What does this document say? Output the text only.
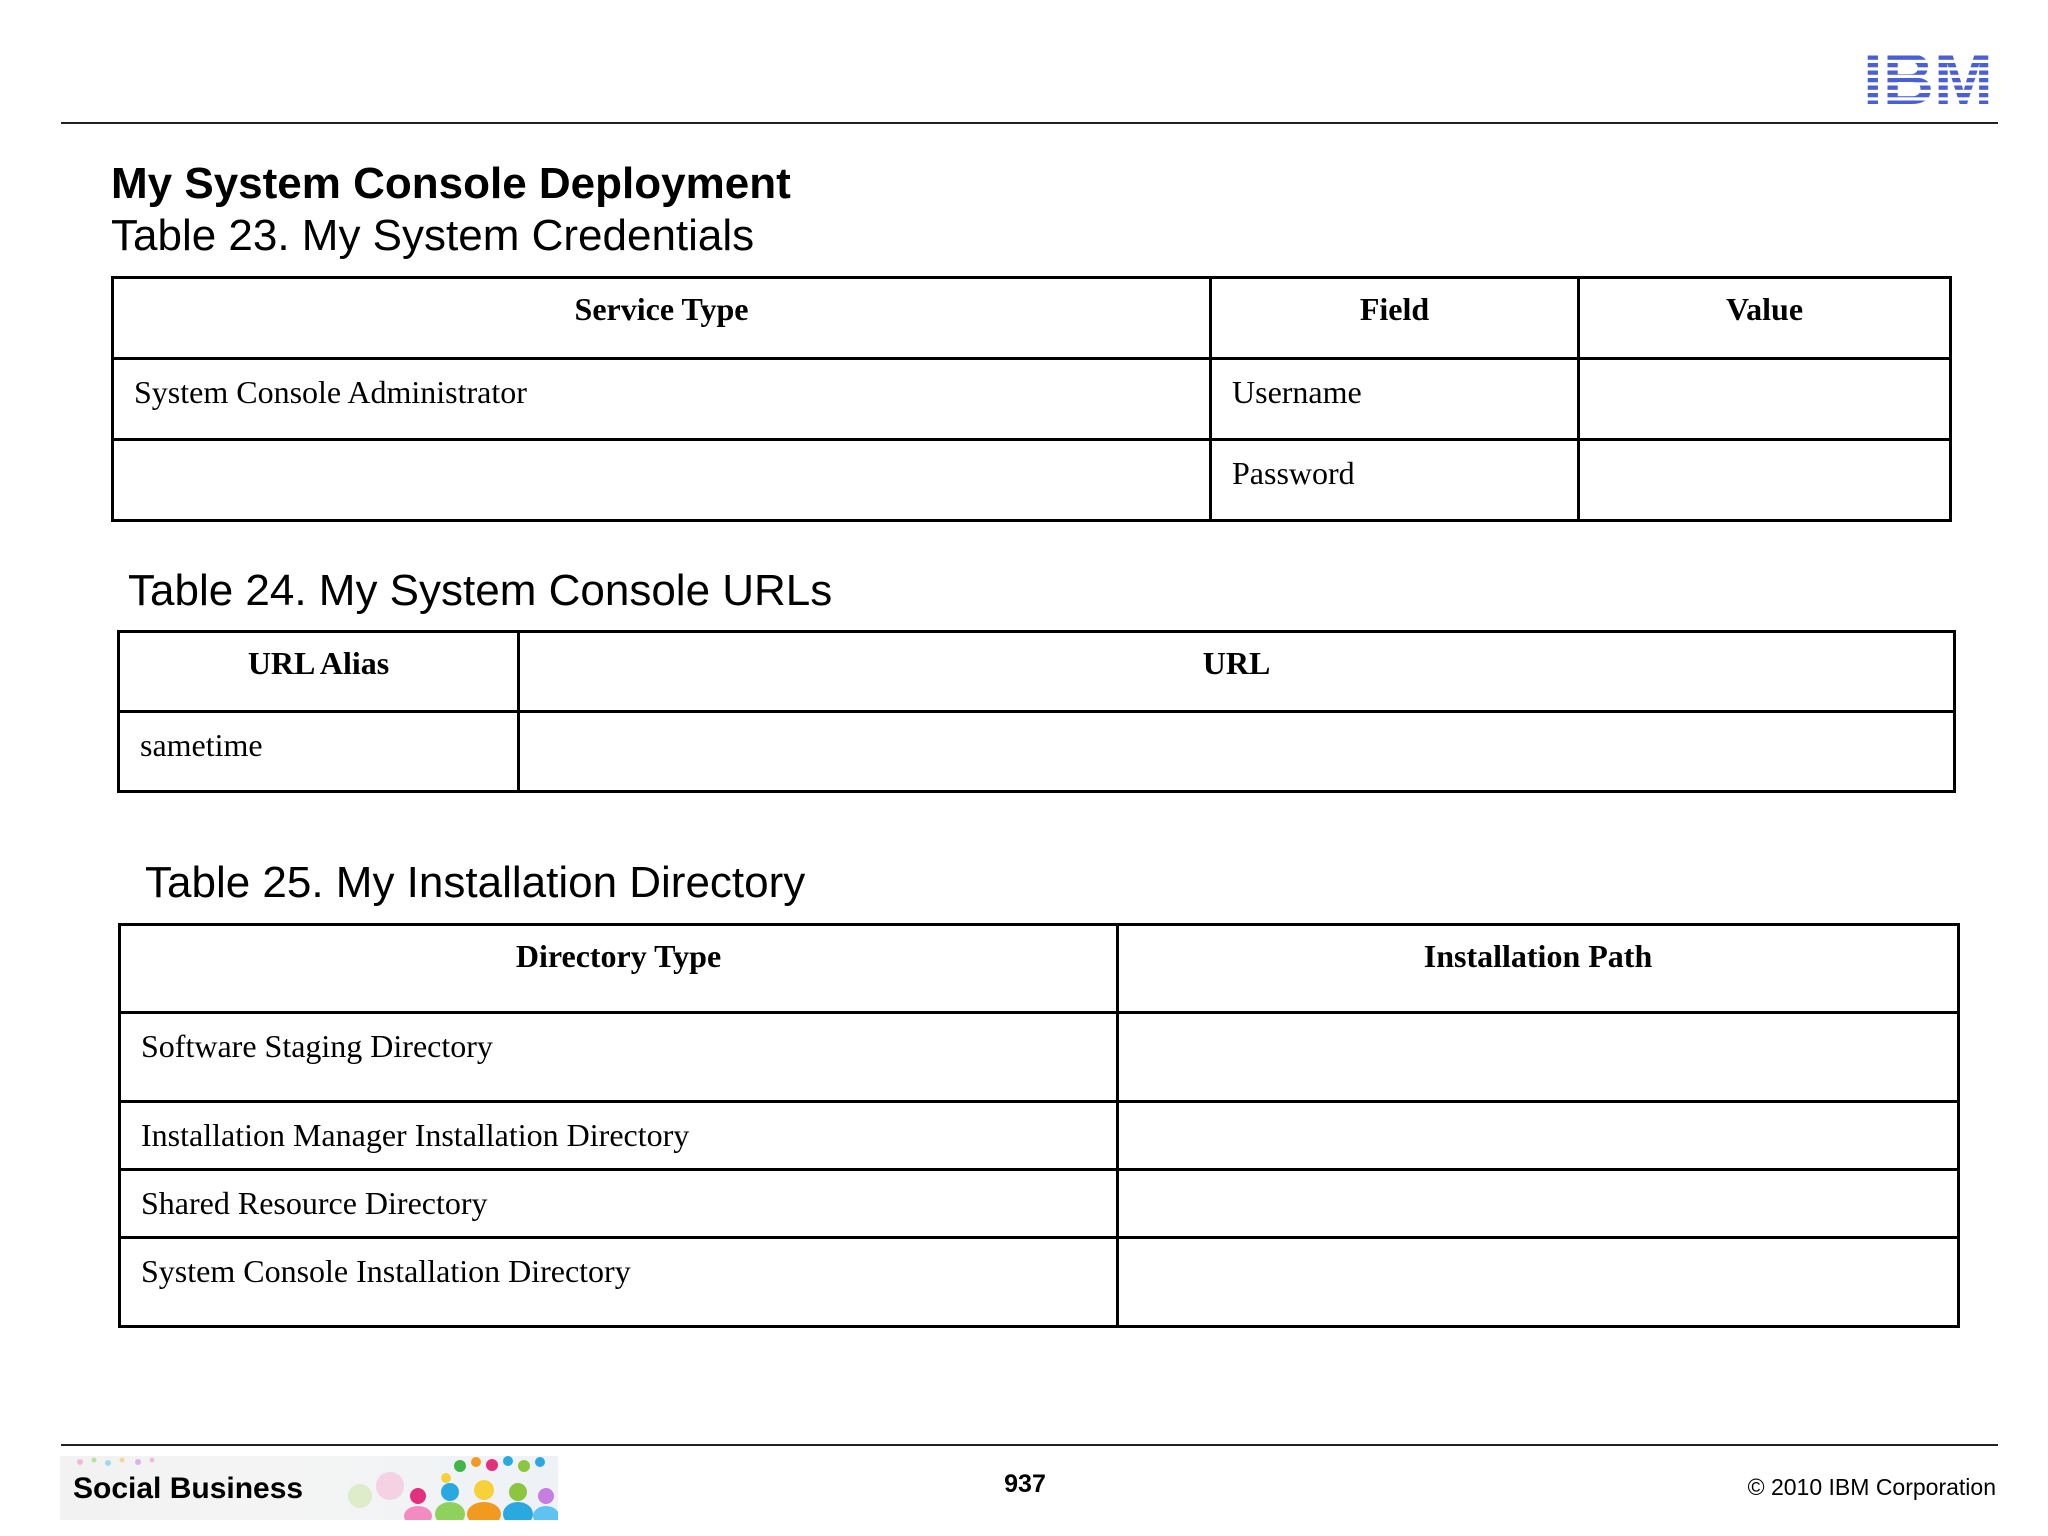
My System Console Deployment
Table 23. My System Credentials
Service Type	Field	Value
System Console Administrator	Username	
	Password	
Table 24. My System Console URLs
URL Alias	URL
sametime	
Table 25. My Installation Directory
Directory Type	Installation Path
Software Staging Directory	
Installation Manager Installation Directory	
Shared Resource Directory	
System Console Installation Directory	
Social Business	937	© 2010 IBM Corporation
